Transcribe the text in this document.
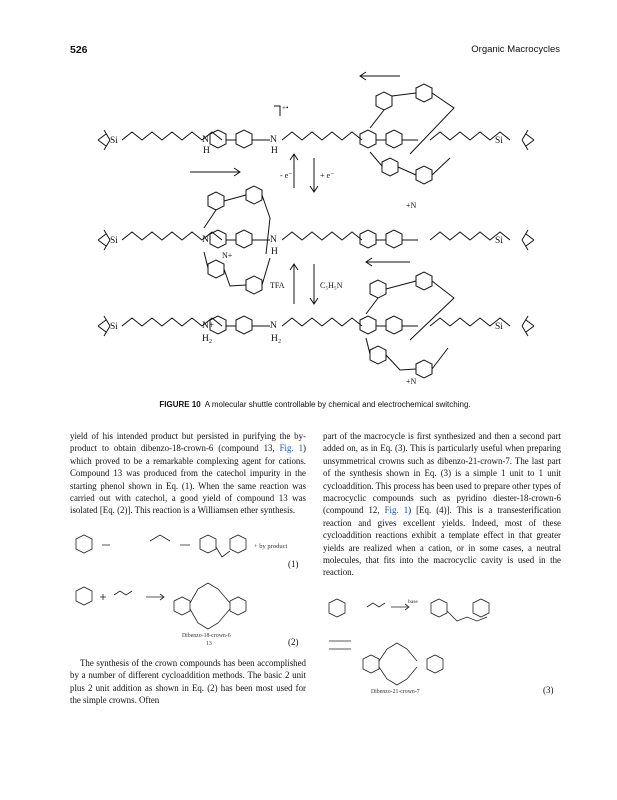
526	Organic Macrocycles
Si	Si
N
H
N
H
+•
Si	Si
N	N
H
Si	Si
N+
H₂
N
H₂
- e⁻	+ e⁻
TFA	C₅H₅N
+N
N+
+N
FIGURE 10 A molecular shuttle controllable by chemical and electrochemical switching.

yield of his intended product but persisted in purifying the by-product to obtain dibenzo-18-crown-6 (compound 13, Fig. 1) which proved to be a remarkable complexing agent for cations. Compound 13 was produced from the catechol impurity in the starting phenol shown in Eq. (1). When the same reaction was carried out with catechol, a good yield of compound 13 was isolated [Eq. (2)]. This reaction is a Williamsen ether synthesis.

+ by product
(1)
Dibenzo-18-crown-6
13	(2)

The synthesis of the crown compounds has been accomplished by a number of different cycloaddition methods. The basic 2 unit plus 2 unit addition as shown in Eq. (2) has been most used for the simple crowns. Often

part of the macrocycle is first synthesized and then a second part added on, as in Eq. (3). This is particularly useful when preparing unsymmetrical crowns such as dibenzo-21-crown-7. The last part of the synthesis shown in Eq. (3) is a simple 1 unit to 1 unit cycloaddition. This process has been used to prepare other types of macrocyclic compounds such as pyridino diester-18-crown-6 (compound 12, Fig. 1) [Eq. (4)]. This is a transesterification reaction and gives excellent yields. Indeed, most of these cycloaddition reactions exhibit a template effect in that greater yields are realized when a cation, or in some cases, a neutral molecules, that fits into the macrocyclic cavity is used in the reaction.

base
Dibenzo-21-crown-7	(3)
